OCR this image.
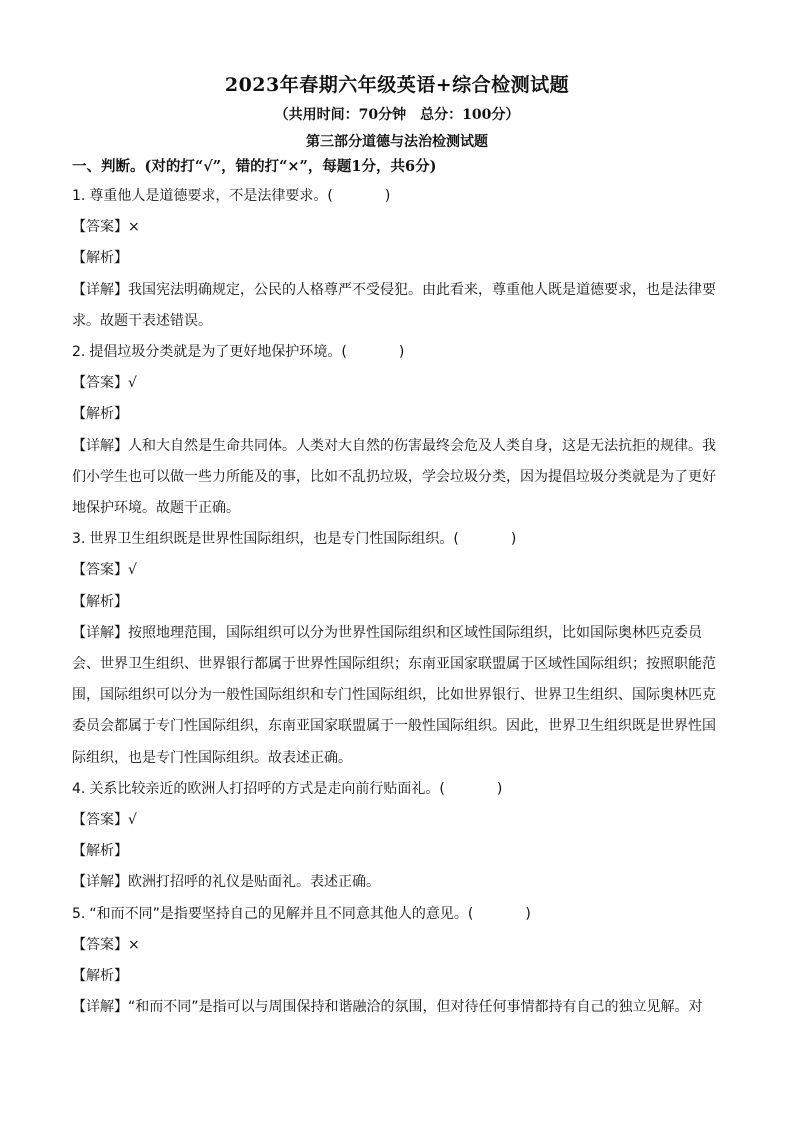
2023年春期六年级英语+综合检测试题
（共用时间：70分钟　总分：100分）
第三部分道德与法治检测试题
一、判断。(对的打“√”，错的打“×”，每题1分，共6分)
1. 尊重他人是道德要求，不是法律要求。(	)
【答案】×
【解析】
【详解】我国宪法明确规定，公民的人格尊严不受侵犯。由此看来，尊重他人既是道德要求，也是法律要
求。故题干表述错误。
2. 提倡垃圾分类就是为了更好地保护环境。(	)
【答案】√
【解析】
【详解】人和大自然是生命共同体。人类对大自然的伤害最终会危及人类自身，这是无法抗拒的规律。我
们小学生也可以做一些力所能及的事，比如不乱扔垃圾，学会垃圾分类，因为提倡垃圾分类就是为了更好
地保护环境。故题干正确。
3. 世界卫生组织既是世界性国际组织，也是专门性国际组织。(	)
【答案】√
【解析】
【详解】按照地理范围，国际组织可以分为世界性国际组织和区域性国际组织，比如国际奥林匹克委员
会、世界卫生组织、世界银行都属于世界性国际组织；东南亚国家联盟属于区域性国际组织；按照职能范
围，国际组织可以分为一般性国际组织和专门性国际组织，比如世界银行、世界卫生组织、国际奥林匹克
委员会都属于专门性国际组织，东南亚国家联盟属于一般性国际组织。因此，世界卫生组织既是世界性国
际组织，也是专门性国际组织。故表述正确。
4. 关系比较亲近的欧洲人打招呼的方式是走向前行贴面礼。(	)
【答案】√
【解析】
【详解】欧洲打招呼的礼仪是贴面礼。表述正确。
5. “和而不同”是指要坚持自己的见解并且不同意其他人的意见。(	)
【答案】×
【解析】
【详解】“和而不同”是指可以与周围保持和谐融洽的氛围，但对待任何事情都持有自己的独立见解。对
